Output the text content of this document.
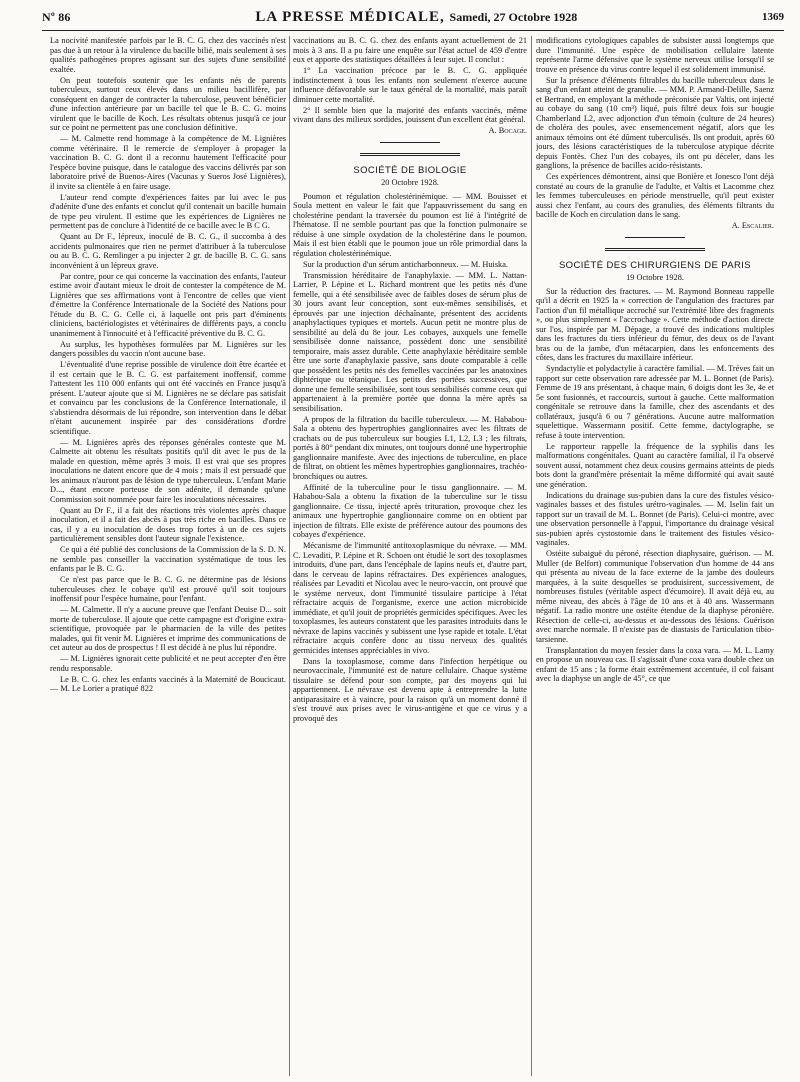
Nº 86	LA PRESSE MÉDICALE, Samedi, 27 Octobre 1928	1369

La nocivité manifestée parfois par le B. C. G. chez des vaccinés n'est pas due à un retour à la virulence du bacille bilié, mais seulement à ses qualités pathogènes propres agissant sur des sujets d'une sensibilité exaltée.

On peut toutefois soutenir que les enfants nés de parents tuberculeux, surtout ceux élevés dans un milieu bacillifère, par conséquent en danger de contracter la tuberculose, peuvent bénéficier d'une infection antérieure par un bacille tel que le B. C. G. moins virulent que le bacille de Koch. Les résultats obtenus jusqu'à ce jour sur ce point ne permettent pas une conclusion définitive.

— M. Calmette rend hommage à la compétence de M. Lignières comme vétérinaire. Il le remercie de s'employer à propager la vaccination B. C. G. dont il a reconnu hautement l'efficacité pour l'espèce bovine puisque, dans le catalogue des vaccins délivrés par son laboratoire privé de Buenos-Aires (Vacunas y Sueros José Lignières), il invite sa clientèle à en faire usage.

L'auteur rend compte d'expériences faites par lui avec le pus d'adénite d'une des enfants et conclut qu'il contenait un bacille humain de type peu virulent. Il estime que les expériences de Lignières ne permettent pas de conclure à l'identité de ce bacille avec le B C G.

Quant au Dr F., lépreux, inoculé de B. C. G., il succomba à des accidents pulmonaires que rien ne permet d'attribuer à la tuberculose ou au B. C. G. Remlinger a pu injecter 2 gr. de bacille B. C. G. sans inconvénient à un lépreux grave.

Par contre, pour ce qui concerne la vaccination des enfants, l'auteur estime avoir d'autant mieux le droit de contester la compétence de M. Lignières que ses affirmations vont à l'encontre de celles que vient d'émettre la Conférence Internationale de la Société des Nations pour l'étude du B. C. G. Celle ci, à laquelle ont pris part d'éminents cliniciens, bactériologistes et vétérinaires de différents pays, a conclu unanimement à l'innocuité et à l'efficacité préventive du B. C. G.

Au surplus, les hypothèses formulées par M. Lignières sur les dangers possibles du vaccin n'ont aucune base.

L'éventualité d'une reprise possible de virulence doit être écartée et il est certain que le B. C. G. est parfaitement inoffensif, comme l'attestent les 110 000 enfants qui ont été vaccinés en France jusqu'à présent. L'auteur ajoute que si M. Lignières ne se déclare pas satisfait et convaincu par les conclusions de la Conférence Internationale, il s'abstiendra désormais de lui répondre, son intervention dans le débat n'étant aucunement inspirée par des considérations d'ordre scientifique.

— M. Lignières après des réponses générales conteste que M. Calmette ait obtenu les résultats positifs qu'il dit avec le pus de la malade en question, même après 3 mois. Il est vrai que ses propres inoculations ne datent encore que de 4 mois ; mais il est persuadé que les animaux n'auront pas de lésion de type tuberculeux. L'enfant Marie D..., étant encore porteuse de son adénite, il demande qu'une Commission soit nommée pour faire les inoculations nécessaires.

Quant au Dr F., il a fait des réactions très violentes après chaque inoculation, et il a fait des abcès à pus très riche en bacilles. Dans ce cas, il y a eu inoculation de doses trop fortes à un de ces sujets particulièrement sensibles dont l'auteur signale l'existence.

Ce qui a été publié des conclusions de la Commission de la S. D. N. ne semble pas conseiller la vaccination systématique de tous les enfants par le B. C. G.

Ce n'est pas parce que le B. C. G. ne détermine pas de lésions tuberculeuses chez le cobaye qu'il est prouvé qu'il soit toujours inoffensif pour l'espèce humaine, pour l'enfant.

— M. Calmette. Il n'y a aucune preuve que l'enfant Deuise D... soit morte de tuberculose. Il ajoute que cette campagne est d'origine extra-scientifique, provoquée par le pharmacien de la ville des petites malades, qui fit venir M. Lignières et imprime des communications de cet auteur au dos de prospectus ! Il est décidé à ne plus lui répondre.

— M. Lignières ignorait cette publicité et ne peut accepter d'en être rendu responsable.

Le B. C. G. chez les enfants vaccinés à la Maternité de Boucicaut. — M. Le Lorier a pratiqué 822

vaccinations au B. C. G. chez des enfants ayant actuellement de 21 mois à 3 ans. Il a pu faire une enquête sur l'état actuel de 459 d'entre eux et apporte des statistiques détaillées à leur sujet. Il conclut :

1° La vaccination précoce par le B. C. G. appliquée indistinctement à tous les enfants non seulement n'exerce aucune influence défavorable sur le taux général de la mortalité, mais paraît diminuer cette mortalité.

2° Il semble bien que la majorité des enfants vaccinés, même vivant dans des milieux sordides, jouissent d'un excellent état général.

A. Bocage.

SOCIÉTÉ DE BIOLOGIE

20 Octobre 1928.

Poumon et régulation cholestérinémique. — MM. Bouisset et Soula mettent en valeur le fait que l'appauvrissement du sang en cholestérine pendant la traversée du poumon est lié à l'intégrité de l'hématose. Il ne semble pourtant pas que la fonction pulmonaire se réduise à une simple oxydation de la cholestérine dans le poumon. Mais il est bien établi que le poumon joue un rôle primordial dans la régulation cholestérinémique.

Sur la production d'un sérum anticharbonneux. — M. Huiska.

Transmission héréditaire de l'anaphylaxie. — MM. L. Nattan-Larrier, P. Lépine et L. Richard montrent que les petits nés d'une femelle, qui a été sensibilisée avec de faibles doses de sérum plus de 30 jours avant leur conception, sont eux-mêmes sensibilisés, et éprouvés par une injection déchaînante, présentent des accidents anaphylactiques typiques et mortels. Aucun petit ne montre plus de sensibilité au delà du 8e jour. Les cobayes, auxquels une femelle sensibilisée donne naissance, possèdent donc une sensibilité temporaire, mais assez durable. Cette anaphylaxie héréditaire semble être une sorte d'anaphylaxie passive, sans doute comparable à celle que possèdent les petits nés des femelles vaccinées par les anatoxines diphtérique ou tétanique. Les petits des portées successives, que donne une femelle sensibilisée, sont tous sensibilisés comme ceux qui appartenaient à la première portée que donna la mère après sa sensibilisation.

A propos de la filtration du bacille tuberculeux. — M. Hababou-Sala a obtenu des hypertrophies ganglionnaires avec les filtrats de crachats ou de pus tuberculeux sur bougies L1, L2, L3 ; les filtrats, portés à 80° pendant dix minutes, ont toujours donné une hypertrophie ganglionnaire manifeste. Avec des injections de tuberculine, en place de filtrat, on obtient les mêmes hypertrophies ganglionnaires, trachéo-bronchiques ou autres.

Affinité de la tuberculine pour le tissu ganglionnaire. — M. Hababou-Sala a obtenu la fixation de la tuberculine sur le tissu ganglionnaire. Ce tissu, injecté après trituration, provoque chez les animaux une hypertrophie ganglionnaire comme on en obtient par injection de filtrats. Elle existe de préférence autour des poumons des cobayes d'expérience.

Mécanisme de l'immunité antitoxoplasmique du névraxe. — MM. C. Levaditi, P. Lépine et R. Schoen ont étudié le sort des toxoplasmes introduits, d'une part, dans l'encéphale de lapins neufs et, d'autre part, dans le cerveau de lapins réfractaires. Des expériences analogues, réalisées par Levaditi et Nicolau avec le neuro-vaccin, ont prouvé que le système nerveux, dont l'immunité tissulaire participe à l'état réfractaire acquis de l'organisme, exerce une action microbicide immédiate, et qu'il jouit de propriétés germicides spécifiques. Avec les toxoplasmes, les auteurs constatent que les parasites introduits dans le névraxe de lapins vaccinés y subissent une lyse rapide et totale. L'état réfractaire acquis confère donc au tissu nerveux des qualités germicides intenses appréciables in vivo.

Dans la toxoplasmose, comme dans l'infection herpétique ou neurovaccinale, l'immunité est de nature cellulaire. Chaque système tissulaire se défend pour son compte, par des moyens qui lui appartiennent. Le névraxe est devenu apte à entreprendre la lutte antiparasitaire et à vaincre, pour la raison qu'à un moment donné il s'est trouvé aux prises avec le virus-antigène et que ce virus y a provoqué des

modifications cytologiques capables de subsister aussi longtemps que dure l'immunité. Une espèce de mobilisation cellulaire latente représente l'arme défensive que le système nerveux utilise lorsqu'il se trouve en présence du virus contre lequel il est solidement immunisé.

Sur la présence d'éléments filtrables du bacille tuberculeux dans le sang d'un enfant atteint de granulie. — MM. P. Armand-Delille, Saenz et Bertrand, en employant la méthode préconisée par Valtis, ont injecté au cobaye du sang (10 cm³) liqué, puis filtré deux fois sur bougie Chamberland L2, avec adjonction d'un témoin (culture de 24 heures) de choléra des poules, avec ensemencement négatif, alors que les animaux témoins ont été dûment tuberculisés. Ils ont produit, après 60 jours, des lésions caractéristiques de la tuberculose atypique décrite depuis Fontès. Chez l'un des cobayes, ils ont pu déceler, dans les ganglions, la présence de bacilles acido-résistants.

Ces expériences démontrent, ainsi que Bonière et Jonesco l'ont déjà constaté au cours de la granulie de l'adulte, et Valtis et Lacomme chez les femmes tuberculeuses en période menstruelle, qu'il peut exister aussi chez l'enfant, au cours des granulies, des éléments filtrants du bacille de Koch en circulation dans le sang.

A. Escalier.

SOCIÉTÉ DES CHIRURGIENS DE PARIS

19 Octobre 1928.

Sur la réduction des fractures. — M. Raymond Bonneau rappelle qu'il a décrit en 1925 la « correction de l'angulation des fractures par l'action d'un fil métallique accroché sur l'extrémité libre des fragments », ou plus simplement « l'accrochage ». Cette méthode d'action directe sur l'os, inspirée par M. Dépage, a trouvé des indications multiples dans les fractures du tiers inférieur du fémur, des deux os de l'avant bras ou de la jambe, d'un métacarpien, dans les enfoncements des côtes, dans les fractures du maxillaire inférieur.

Syndactylie et polydactylie à caractère familial. — M. Tréves fait un rapport sur cette observation rare adressée par M. L. Bonnet (de Paris). Femme de 19 ans présentant, à chaque main, 6 doigts dont les 3e, 4e et 5e sont fusionnés, et raccourcis, surtout à gauche. Cette malformation congénitale se retrouve dans la famille, chez des ascendants et des collatéraux, jusqu'à 6 ou 7 générations. Aucune autre malformation squelettique. Wassermann positif. Cette femme, dactylographe, se refuse à toute intervention.

Le rapporteur rappelle la fréquence de la syphilis dans les malformations congénitales. Quant au caractère familial, il l'a observé souvent aussi, notamment chez deux cousins germains atteints de pieds bots dont la grand'mère présentait la même difformité qui avait sauté une génération.

Indications du drainage sus-pubien dans la cure des fistules vésico-vaginales basses et des fistules urétro-vaginales. — M. Iselin fait un rapport sur un travail de M. L. Bonnet (de Paris). Celui-ci montre, avec une observation personnelle à l'appui, l'importance du drainage vésical sus-pubien après cystostomie dans le traitement des fistules vésico-vaginales.

Ostéite subaiguë du péroné, résection diaphysaire, guérison. — M. Muller (de Belfort) communique l'observation d'un homme de 44 ans qui présenta au niveau de la face externe de la jambe des douleurs marquées, à la suite desquelles se produisirent, successivement, de nombreuses fistules (véritable aspect d'écumoire). Il avait déjà eu, au même niveau, des abcès à l'âge de 10 ans et à 40 ans. Wassermann négatif. La radio montre une ostéite étendue de la diaphyse péronière. Résection de celle-ci, au-dessus et au-dessous des lésions. Guérison avec marche normale. Il n'existe pas de diastasis de l'articulation tibio-tarsienne.

Transplantation du moyen fessier dans la coxa vara. — M. L. Lamy en propose un nouveau cas. Il s'agissait d'une coxa vara double chez un enfant de 15 ans ; la forme était extrêmement accentuée, il col faisant avec la diaphyse un angle de 45°, ce que
